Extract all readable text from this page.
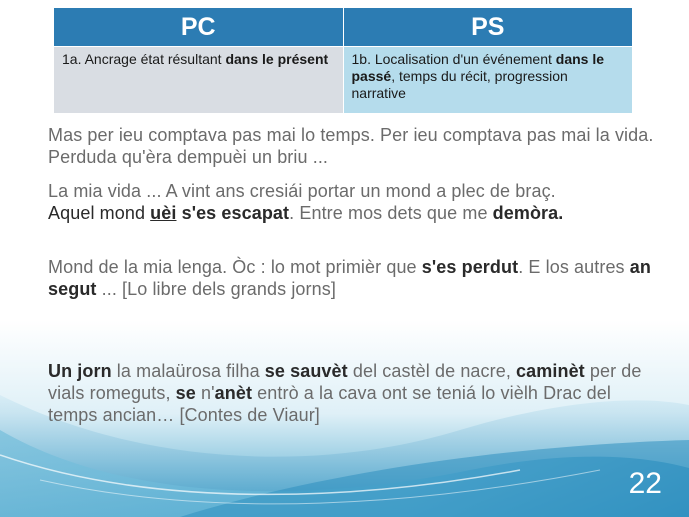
PC	PS
1a. Ancrage état résultant dans le présent	1b. Localisation d'un événement dans le passé, temps du récit, progression narrative
Mas per ieu comptava pas mai lo temps. Per ieu comptava pas mai la vida. Perduda qu'èra dempuèi un briu ...
La mia vida ... A vint ans cresiái portar un mond a plec de braç.
Aquel mond uèi s'es escapat. Entre mos dets que me demòra.
Mond de la mia lenga. Òc : lo mot primièr que s'es perdut. E los autres an segut ... [Lo libre dels grands jorns]
Un jorn la malaürosa filha se sauvèt del castèl de nacre, caminèt per de vials romeguts, se n'anèt entrò a la cava ont se teniá lo vièlh Drac del temps ancian… [Contes de Viaur]
22
